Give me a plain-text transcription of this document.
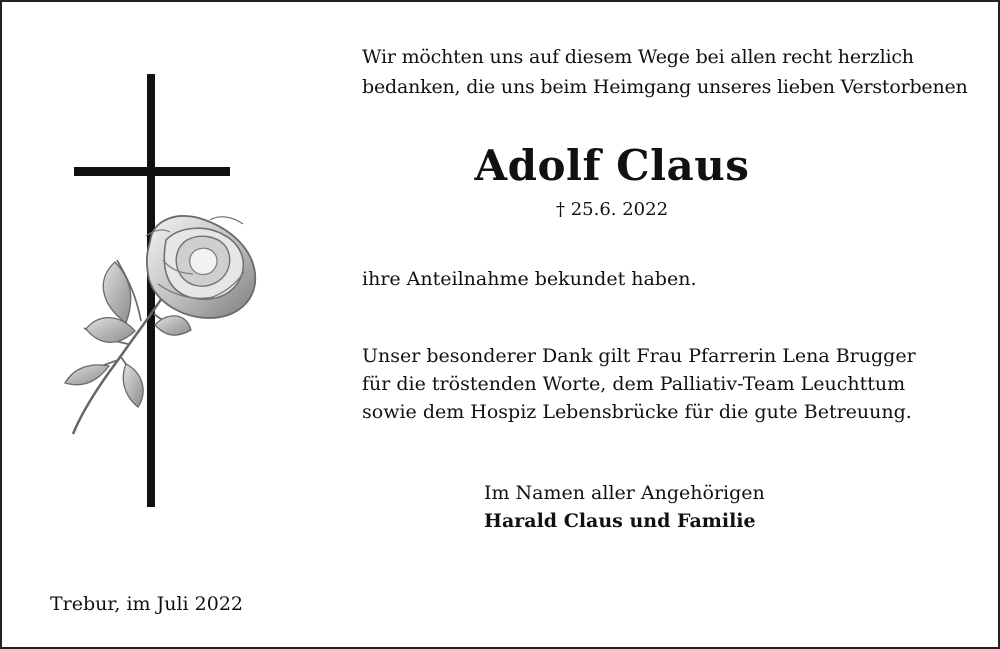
Wir möchten uns auf diesem Wege bei allen recht herzlich
bedanken, die uns beim Heimgang unseres lieben Verstorbenen
Adolf Claus
† 25.6. 2022
ihre Anteilnahme bekundet haben.
Unser besonderer Dank gilt Frau Pfarrerin Lena Brugger
für die tröstenden Worte, dem Palliativ-Team Leuchttum
sowie dem Hospiz Lebensbrücke für die gute Betreuung.
Im Namen aller Angehörigen
Harald Claus und Familie
Trebur, im Juli 2022
